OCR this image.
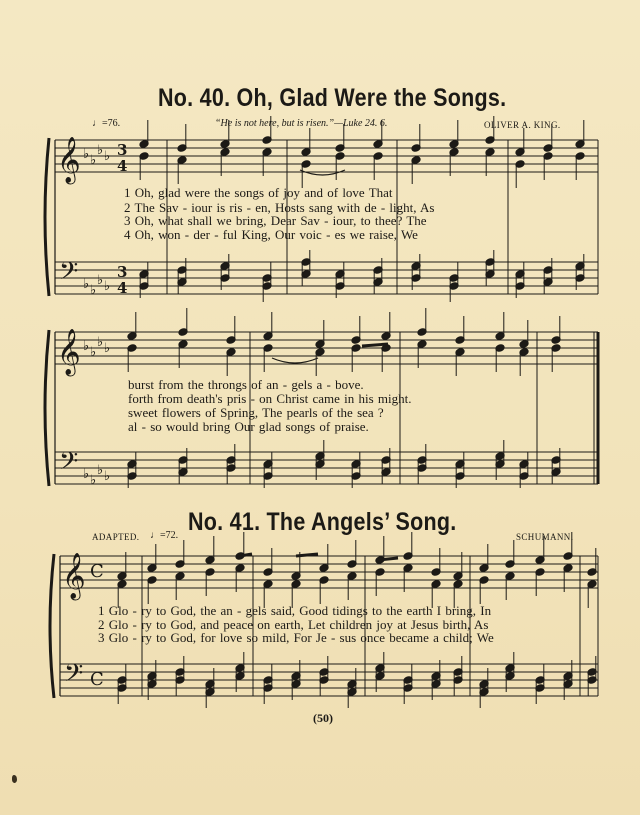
No. 40. Oh, Glad Were the Songs.
♩=76.	“He is not here, but is risen.”—Luke 24. 6.	OLIVER A. KING.
1 Oh, glad were the songs of joy and of love That
2 The Sav - iour is ris - en, Hosts sang with de - light, As
3 Oh, what shall we bring, Dear Sav - iour, to thee? The
4 Oh, won - der - ful King, Our voic - es we raise, We
burst from the throngs of an - gels a - bove.
forth from death's pris - on Christ came in his might.
sweet flowers of Spring, The pearls of the sea ?
al - so would bring Our glad songs of praise.
No. 41. The Angels’ Song.
ADAPTED. ♩=72.	SCHUMANN.
1 Glo - ry to God, the an - gels said, Good tidings to the earth I bring, In
2 Glo - ry to God, and peace on earth, Let children joy at Jesus birth, As
3 Glo - ry to God, for love so mild, For Je - sus once became a child; We
(50)
𝄞
𝄢
♭
♭
♭
♭
♭
♭
♭
♭
3
4
3
4
𝄞
𝄢
♭
♭
♭
♭
♭
♭
♭
♭
𝄞
𝄢
C
C
